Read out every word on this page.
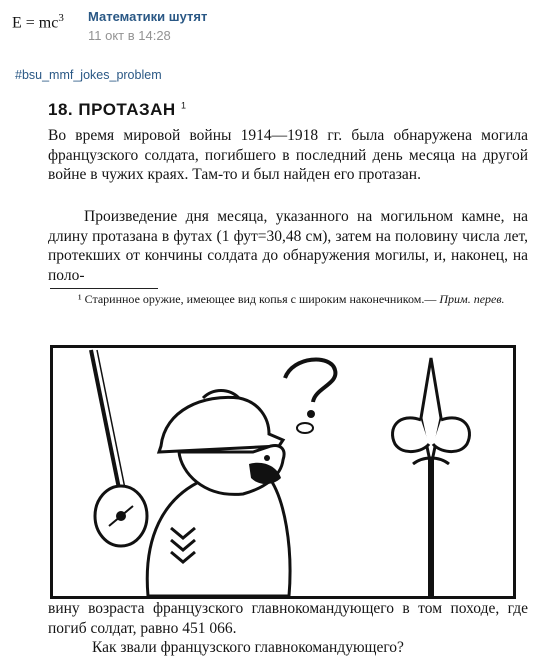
$E = mc^3$	Математики шутят
11 окт в 14:28
#bsu_mmf_jokes_problem
18. ПРОТАЗАН $^1$

Во время мировой войны 1914—1918 гг. была обнаружена могила французского солдата, погибшего в последний день месяца на другой войне в чужих краях. Там-то и был найден его протазан.

Произведение дня месяца, указанного на могильном камне, на длину протазана в футах (1 фут=30,48 см), затем на половину числа лет, протекших от кончины солдата до обнаружения могилы, и, наконец, на поло-

¹ Старинное оружие, имеющее вид копья с широким наконечником.— Прим. перев.

вину возраста французского главнокомандующего в том походе, где погиб солдат, равно 451 066.

Как звали французского главнокомандующего?
